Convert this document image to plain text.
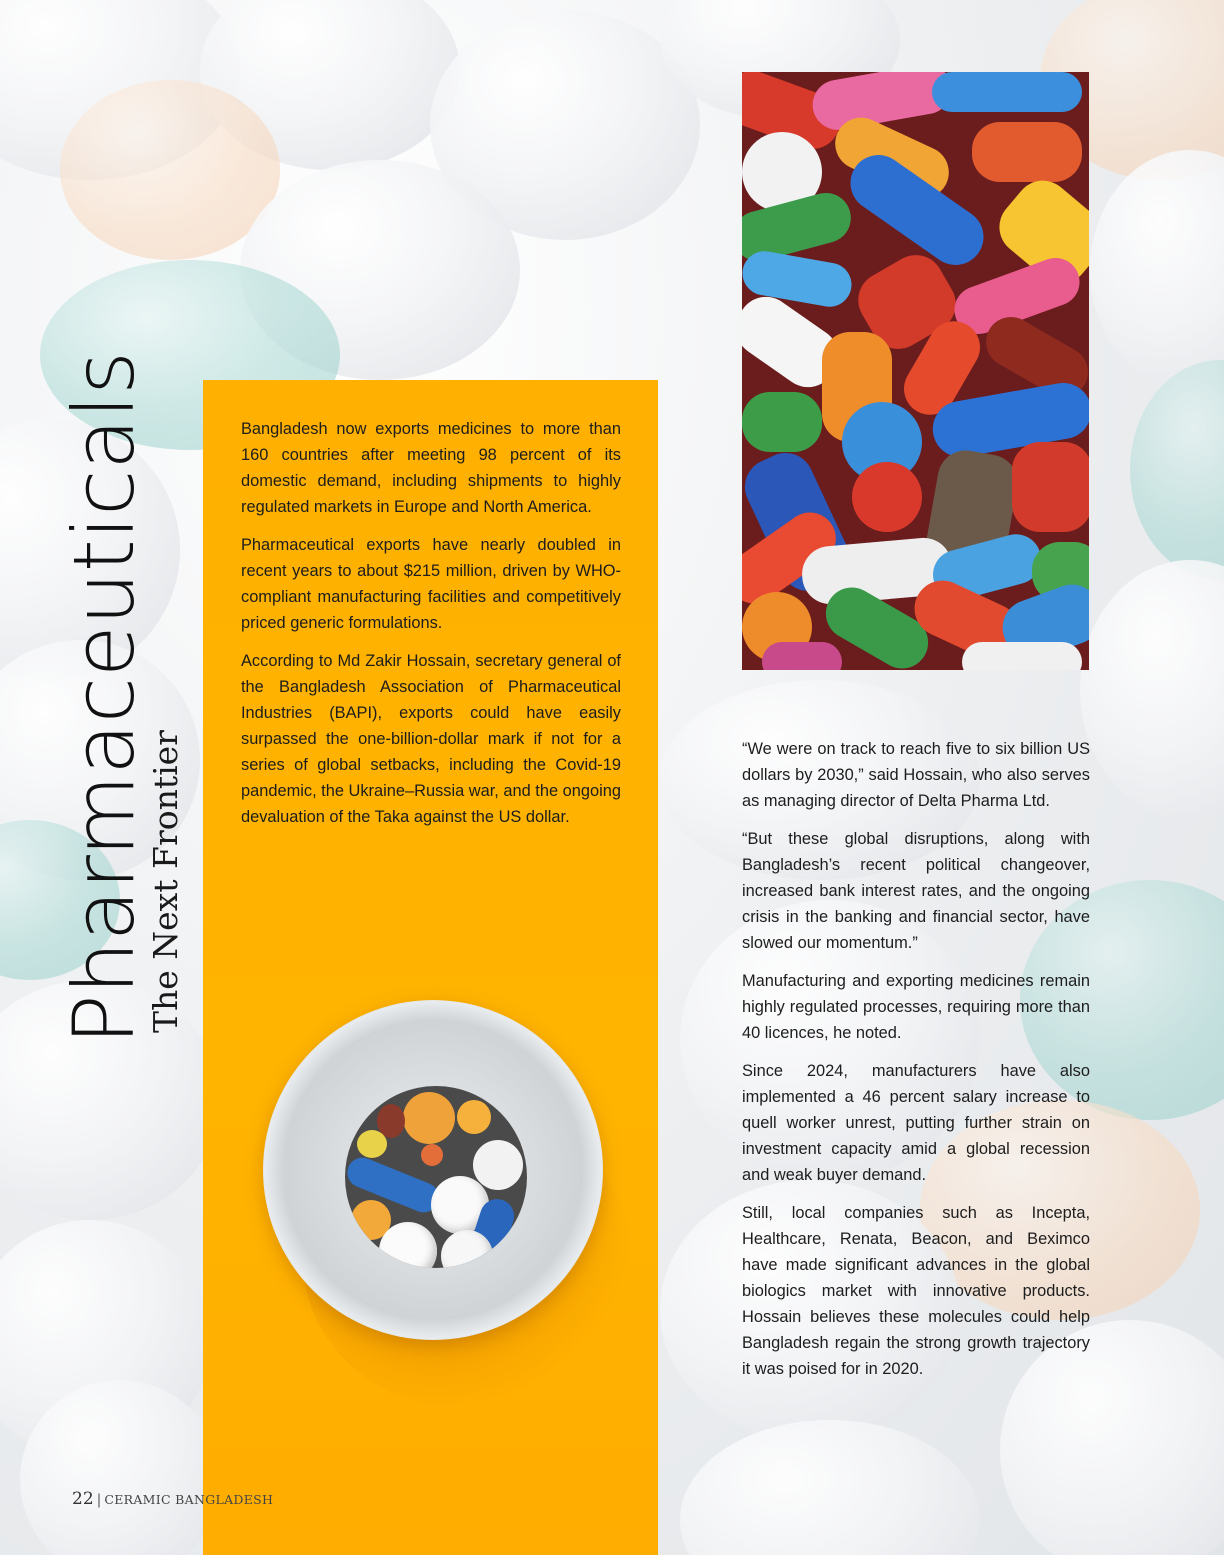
Pharmaceuticals
The Next Frontier

Bangladesh now exports medicines to more than 160 countries after meeting 98 percent of its domestic demand, including shipments to highly regulated markets in Europe and North America.

Pharmaceutical exports have nearly doubled in recent years to about $215 million, driven by WHO-compliant manufacturing facilities and competitively priced generic formulations.

According to Md Zakir Hossain, secretary general of the Bangladesh Association of Pharmaceutical Industries (BAPI), exports could have easily surpassed the one-billion-dollar mark if not for a series of global setbacks, including the Covid-19 pandemic, the Ukraine–Russia war, and the ongoing devaluation of the Taka against the US dollar.

“We were on track to reach five to six billion US dollars by 2030,” said Hossain, who also serves as managing director of Delta Pharma Ltd.

“But these global disruptions, along with Bangladesh’s recent political changeover, increased bank interest rates, and the ongoing crisis in the banking and financial sector, have slowed our momentum.”

Manufacturing and exporting medicines remain highly regulated processes, requiring more than 40 licences, he noted.

Since 2024, manufacturers have also implemented a 46 percent salary increase to quell worker unrest, putting further strain on investment capacity amid a global recession and weak buyer demand.

Still, local companies such as Incepta, Healthcare, Renata, Beacon, and Beximco have made significant advances in the global biologics market with innovative products. Hossain believes these molecules could help Bangladesh regain the strong growth trajectory it was poised for in 2020.

22 | CERAMIC BANGLADESH
